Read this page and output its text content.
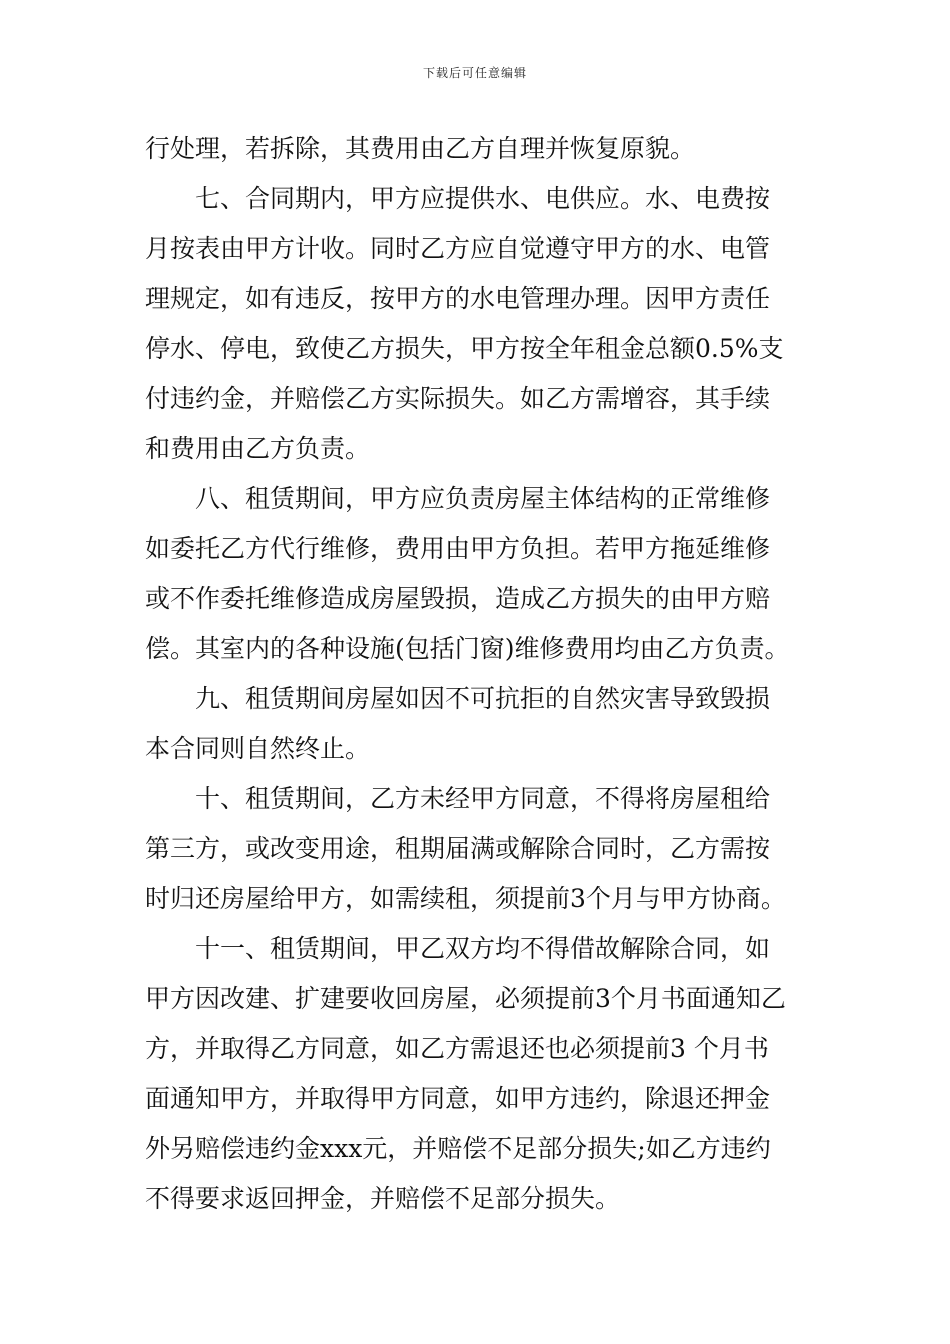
下载后可任意编辑
行处理，若拆除，其费用由乙方自理并恢复原貌。
七、合同期内，甲方应提供水、电供应。水、电费按
月按表由甲方计收。同时乙方应自觉遵守甲方的水、电管
理规定，如有违反，按甲方的水电管理办理。因甲方责任
停水、停电，致使乙方损失，甲方按全年租金总额0.5%支
付违约金，并赔偿乙方实际损失。如乙方需增容，其手续
和费用由乙方负责。
八、租赁期间，甲方应负责房屋主体结构的正常维修
如委托乙方代行维修，费用由甲方负担。若甲方拖延维修
或不作委托维修造成房屋毁损，造成乙方损失的由甲方赔
偿。其室内的各种设施(包括门窗)维修费用均由乙方负责。
九、租赁期间房屋如因不可抗拒的自然灾害导致毁损
本合同则自然终止。
十、租赁期间，乙方未经甲方同意，不得将房屋租给
第三方，或改变用途，租期届满或解除合同时，乙方需按
时归还房屋给甲方，如需续租，须提前3个月与甲方协商。
十一、租赁期间，甲乙双方均不得借故解除合同，如
甲方因改建、扩建要收回房屋，必须提前3个月书面通知乙
方，并取得乙方同意，如乙方需退还也必须提前3 个月书
面通知甲方，并取得甲方同意，如甲方违约，除退还押金
外另赔偿违约金xxx元，并赔偿不足部分损失;如乙方违约
不得要求返回押金，并赔偿不足部分损失。
